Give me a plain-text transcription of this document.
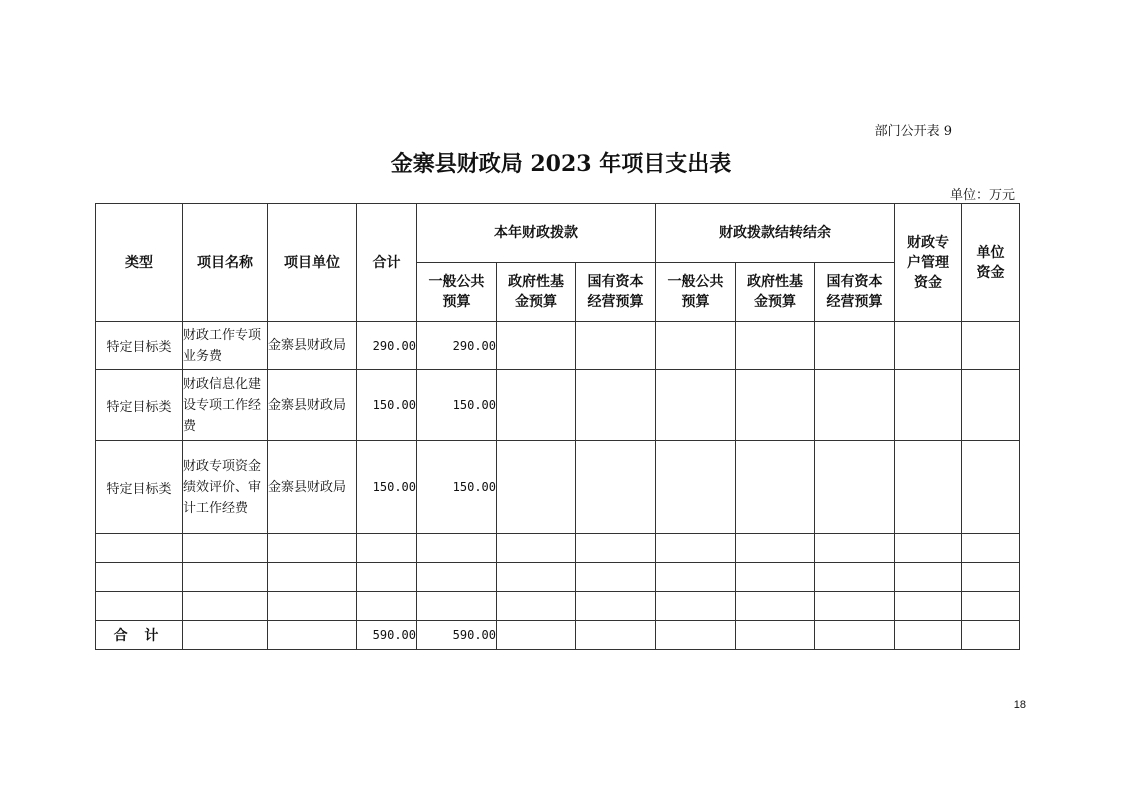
部门公开表 9
金寨县财政局 2023 年项目支出表
单位：万元
类型	项目名称	项目单位	合计	本年财政拨款			财政拨款结转结余			财政专户管理资金	单位资金
				一般公共预算	政府性基金预算	国有资本经营预算	一般公共预算	政府性基金预算	国有资本经营预算		
特定目标类	财政工作专项业务费	金寨县财政局	290.00	290.00							
特定目标类	财政信息化建设专项工作经费	金寨县财政局	150.00	150.00							
特定目标类	财政专项资金绩效评价、审计工作经费	金寨县财政局	150.00	150.00							

合 计			590.00	590.00							
18
